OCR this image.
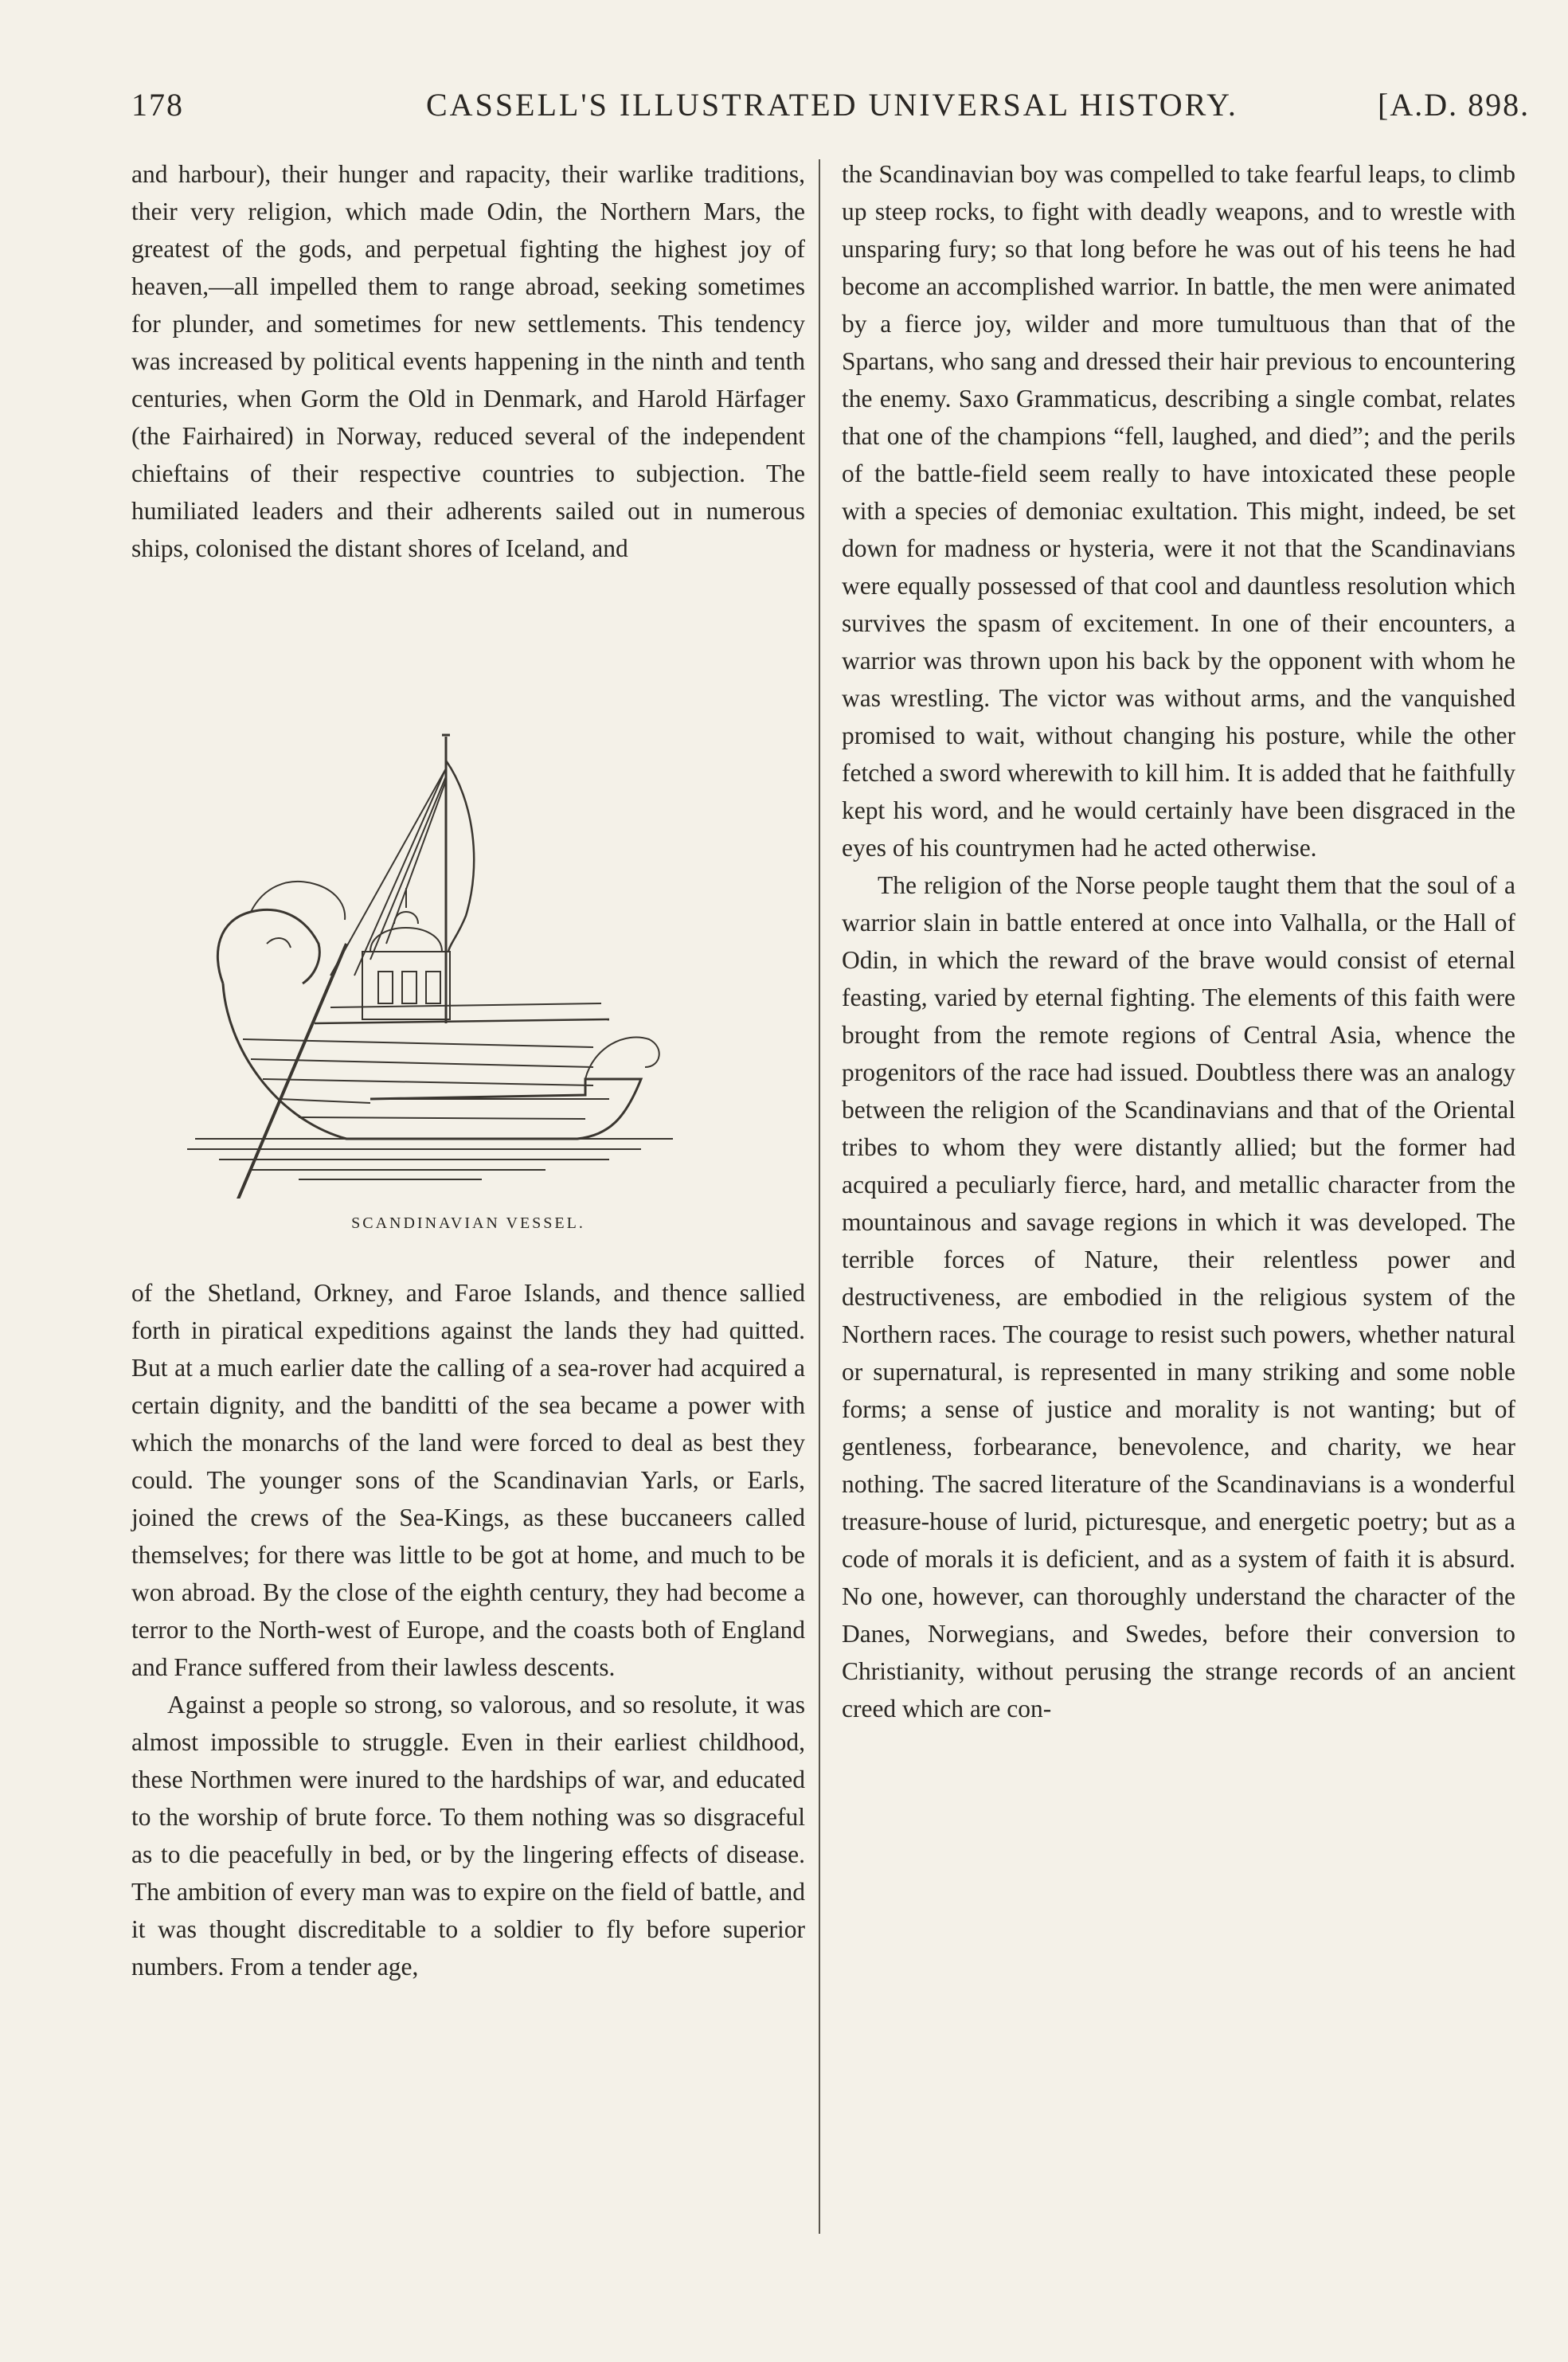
178	CASSELL'S ILLUSTRATED UNIVERSAL HISTORY.	[A.D. 898.

and harbour), their hunger and rapacity, their warlike traditions, their very religion, which made Odin, the Northern Mars, the greatest of the gods, and perpetual fighting the highest joy of heaven,—all impelled them to range abroad, seeking sometimes for plunder, and sometimes for new settlements. This tendency was increased by political events happening in the ninth and tenth centuries, when Gorm the Old in Denmark, and Harold Härfager (the Fairhaired) in Norway, reduced several of the independent chieftains of their respective countries to subjection. The humiliated leaders and their adherents sailed out in numerous ships, colonised the distant shores of Iceland, and

SCANDINAVIAN VESSEL.

of the Shetland, Orkney, and Faroe Islands, and thence sallied forth in piratical expeditions against the lands they had quitted. But at a much earlier date the calling of a sea-rover had acquired a certain dignity, and the banditti of the sea became a power with which the monarchs of the land were forced to deal as best they could. The younger sons of the Scandinavian Yarls, or Earls, joined the crews of the Sea-Kings, as these buccaneers called themselves; for there was little to be got at home, and much to be won abroad. By the close of the eighth century, they had become a terror to the North-west of Europe, and the coasts both of England and France suffered from their lawless descents.

Against a people so strong, so valorous, and so resolute, it was almost impossible to struggle. Even in their earliest childhood, these Northmen were inured to the hardships of war, and educated to the worship of brute force. To them nothing was so disgraceful as to die peacefully in bed, or by the lingering effects of disease. The ambition of every man was to expire on the field of battle, and it was thought discreditable to a soldier to fly before superior numbers. From a tender age,

the Scandinavian boy was compelled to take fearful leaps, to climb up steep rocks, to fight with deadly weapons, and to wrestle with unsparing fury; so that long before he was out of his teens he had become an accomplished warrior. In battle, the men were animated by a fierce joy, wilder and more tumultuous than that of the Spartans, who sang and dressed their hair previous to encountering the enemy. Saxo Grammaticus, describing a single combat, relates that one of the champions “fell, laughed, and died”; and the perils of the battle-field seem really to have intoxicated these people with a species of demoniac exultation. This might, indeed, be set down for madness or hysteria, were it not that the Scandinavians were equally possessed of that cool and dauntless resolution which survives the spasm of excitement. In one of their encounters, a warrior was thrown upon his back by the opponent with whom he was wrestling. The victor was without arms, and the vanquished promised to wait, without changing his posture, while the other fetched a sword wherewith to kill him. It is added that he faithfully kept his word, and he would certainly have been disgraced in the eyes of his countrymen had he acted otherwise.

The religion of the Norse people taught them that the soul of a warrior slain in battle entered at once into Valhalla, or the Hall of Odin, in which the reward of the brave would consist of eternal feasting, varied by eternal fighting. The elements of this faith were brought from the remote regions of Central Asia, whence the progenitors of the race had issued. Doubtless there was an analogy between the religion of the Scandinavians and that of the Oriental tribes to whom they were distantly allied; but the former had acquired a peculiarly fierce, hard, and metallic character from the mountainous and savage regions in which it was developed. The terrible forces of Nature, their relentless power and destructiveness, are embodied in the religious system of the Northern races. The courage to resist such powers, whether natural or supernatural, is represented in many striking and some noble forms; a sense of justice and morality is not wanting; but of gentleness, forbearance, benevolence, and charity, we hear nothing. The sacred literature of the Scandinavians is a wonderful treasure-house of lurid, picturesque, and energetic poetry; but as a code of morals it is deficient, and as a system of faith it is absurd. No one, however, can thoroughly understand the character of the Danes, Norwegians, and Swedes, before their conversion to Christianity, without perusing the strange records of an ancient creed which are con-
